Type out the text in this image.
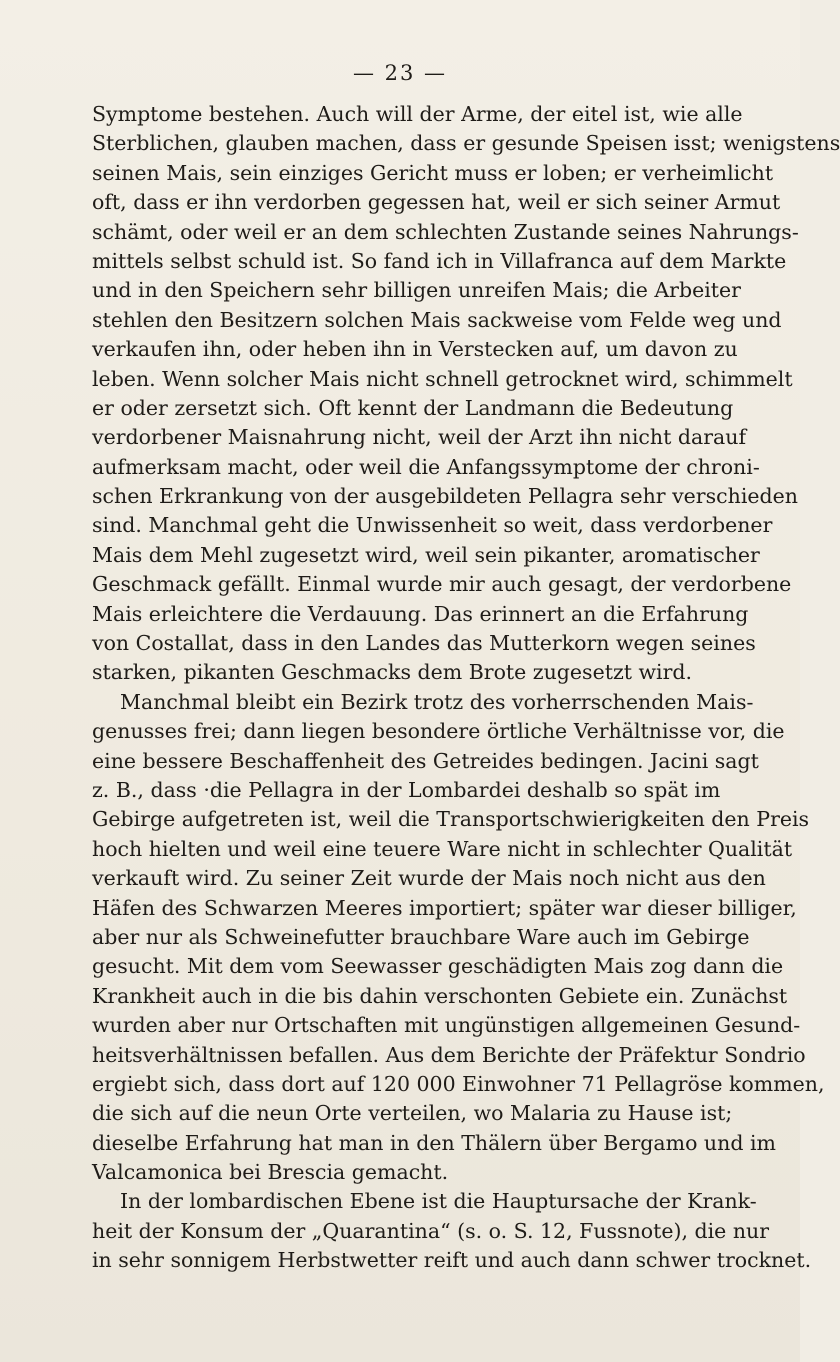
— 23 —
Symptome bestehen. Auch will der Arme, der eitel ist, wie alle
Sterblichen, glauben machen, dass er gesunde Speisen isst; wenigstens
seinen Mais, sein einziges Gericht muss er loben; er verheimlicht
oft, dass er ihn verdorben gegessen hat, weil er sich seiner Armut
schämt, oder weil er an dem schlechten Zustande seines Nahrungs-
mittels selbst schuld ist. So fand ich in Villafranca auf dem Markte
und in den Speichern sehr billigen unreifen Mais; die Arbeiter
stehlen den Besitzern solchen Mais sackweise vom Felde weg und
verkaufen ihn, oder heben ihn in Verstecken auf, um davon zu
leben. Wenn solcher Mais nicht schnell getrocknet wird, schimmelt
er oder zersetzt sich. Oft kennt der Landmann die Bedeutung
verdorbener Maisnahrung nicht, weil der Arzt ihn nicht darauf
aufmerksam macht, oder weil die Anfangssymptome der chroni-
schen Erkrankung von der ausgebildeten Pellagra sehr verschieden
sind. Manchmal geht die Unwissenheit so weit, dass verdorbener
Mais dem Mehl zugesetzt wird, weil sein pikanter, aromatischer
Geschmack gefällt. Einmal wurde mir auch gesagt, der verdorbene
Mais erleichtere die Verdauung. Das erinnert an die Erfahrung
von Costallat, dass in den Landes das Mutterkorn wegen seines
starken, pikanten Geschmacks dem Brote zugesetzt wird.
Manchmal bleibt ein Bezirk trotz des vorherrschenden Mais-
genusses frei; dann liegen besondere örtliche Verhältnisse vor, die
eine bessere Beschaffenheit des Getreides bedingen. Jacini sagt
z. B., dass ·die Pellagra in der Lombardei deshalb so spät im
Gebirge aufgetreten ist, weil die Transportschwierigkeiten den Preis
hoch hielten und weil eine teuere Ware nicht in schlechter Qualität
verkauft wird. Zu seiner Zeit wurde der Mais noch nicht aus den
Häfen des Schwarzen Meeres importiert; später war dieser billiger,
aber nur als Schweinefutter brauchbare Ware auch im Gebirge
gesucht. Mit dem vom Seewasser geschädigten Mais zog dann die
Krankheit auch in die bis dahin verschonten Gebiete ein. Zunächst
wurden aber nur Ortschaften mit ungünstigen allgemeinen Gesund-
heitsverhältnissen befallen. Aus dem Berichte der Präfektur Sondrio
ergiebt sich, dass dort auf 120 000 Einwohner 71 Pellagröse kommen,
die sich auf die neun Orte verteilen, wo Malaria zu Hause ist;
dieselbe Erfahrung hat man in den Thälern über Bergamo und im
Valcamonica bei Brescia gemacht.
In der lombardischen Ebene ist die Hauptursache der Krank-
heit der Konsum der „Quarantina“ (s. o. S. 12, Fussnote), die nur
in sehr sonnigem Herbstwetter reift und auch dann schwer trocknet.
